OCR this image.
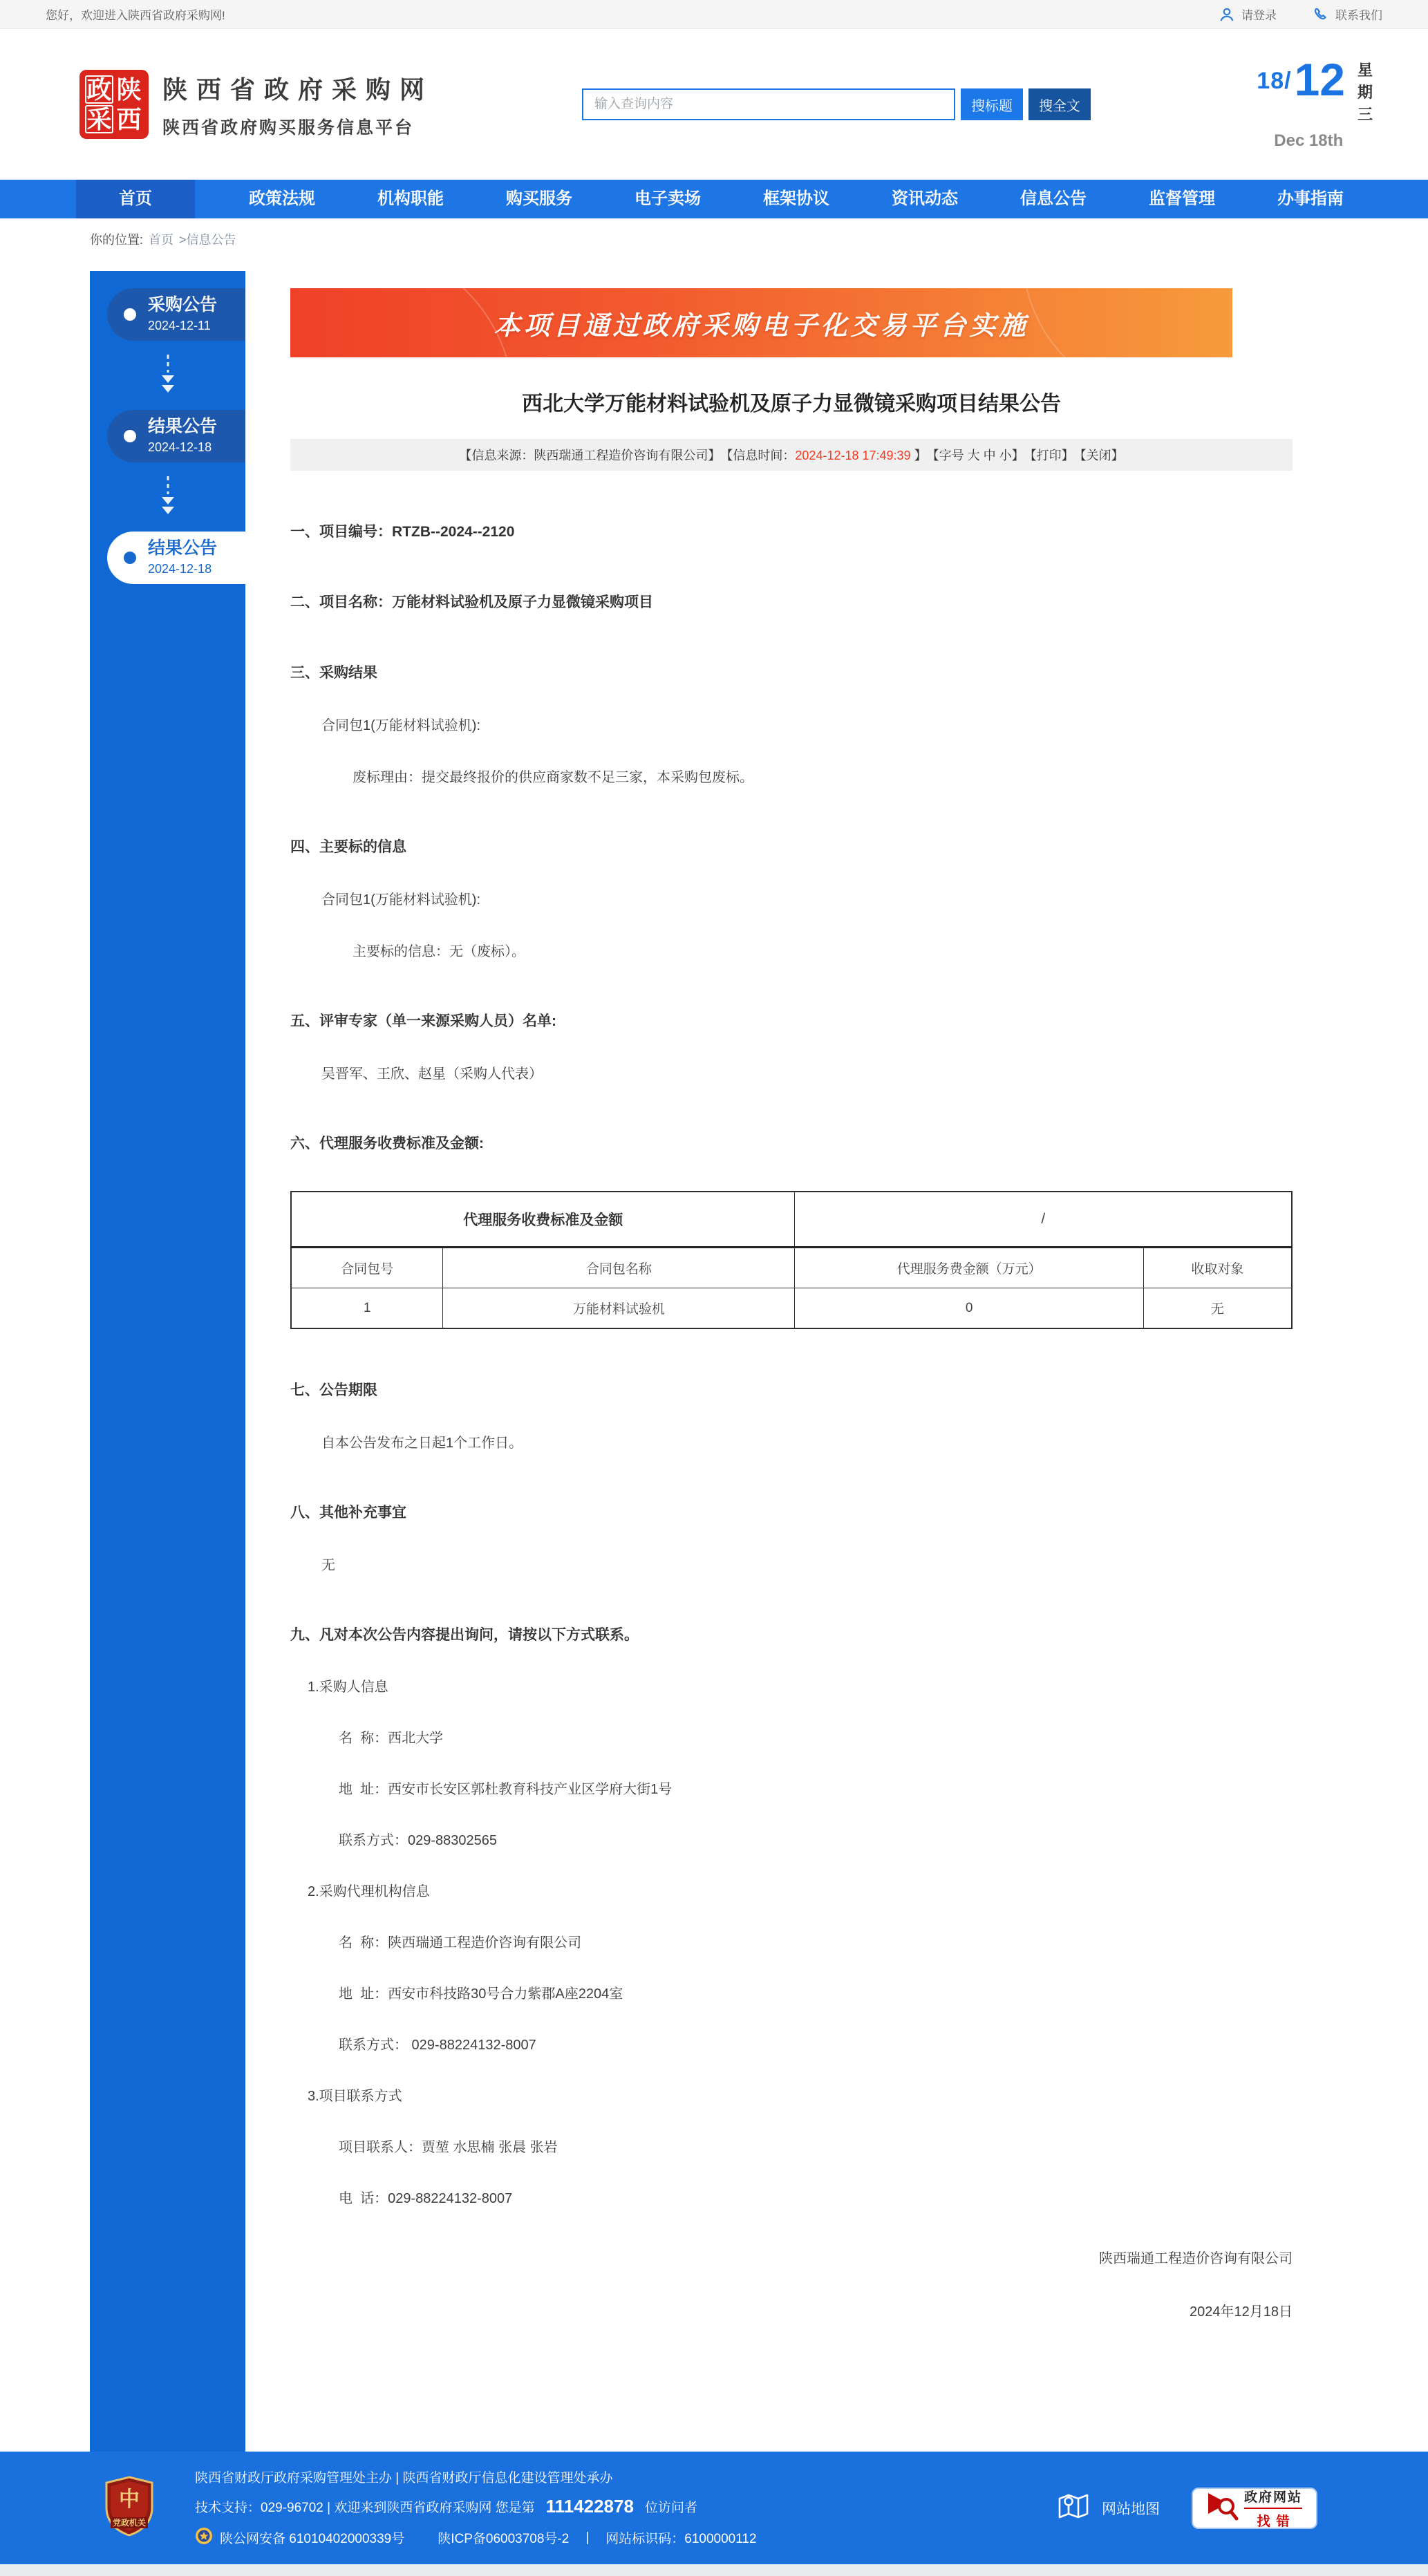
您好，欢迎进入陕西省政府采购网!	请登录	联系我们
政 陕
采 西
陕西省政府采购网
陕西省政府购买服务信息平台
输入查询内容
搜标题	搜全文
18/ 12 星期三
Dec 18th
首页	政策法规	机构职能	购买服务	电子卖场	框架协议	资讯动态	信息公告	监督管理	办事指南
你的位置: 首页 >信息公告
采购公告
2024-12-11
结果公告
2024-12-18
结果公告
2024-12-18
本项目通过政府采购电子化交易平台实施
西北大学万能材料试验机及原子力显微镜采购项目结果公告
【信息来源：陕西瑞通工程造价咨询有限公司】 【信息时间：2024-12-18 17:49:39 】 【字号 大 中 小】 【打印】 【关闭】
一、项目编号：RTZB--2024--2120
二、项目名称：万能材料试验机及原子力显微镜采购项目
三、采购结果
合同包1(万能材料试验机):
废标理由：提交最终报价的供应商家数不足三家，本采购包废标。
四、主要标的信息
合同包1(万能材料试验机):
主要标的信息：无（废标）。
五、评审专家（单一来源采购人员）名单:
吴晋军、王欣、赵星（采购人代表）
六、代理服务收费标准及金额:
代理服务收费标准及金额		/	
合同包号	合同包名称	代理服务费金额（万元）	收取对象
1	万能材料试验机	0	无
七、公告期限
自本公告发布之日起1个工作日。
八、其他补充事宜
无
九、凡对本次公告内容提出询问，请按以下方式联系。
1.采购人信息
名  称：西北大学
地  址：西安市长安区郭杜教育科技产业区学府大街1号
联系方式：029-88302565
2.采购代理机构信息
名  称：陕西瑞通工程造价咨询有限公司
地  址：西安市科技路30号合力紫郡A座2204室
联系方式： 029-88224132-8007
3.项目联系方式
项目联系人：贾堃 水思楠 张晨 张岩
电  话：029-88224132-8007
陕西瑞通工程造价咨询有限公司
2024年12月18日
中
党政机关
陕西省财政厅政府采购管理处主办 | 陕西省财政厅信息化建设管理处承办
技术支持：029-96702 | 欢迎来到陕西省政府采购网 您是第 111422878 位访问者
陕公网安备 61010402000339号	陕ICP备06003708号-2 | 网站标识码：6100000112
网站地图
政府网站
找错
